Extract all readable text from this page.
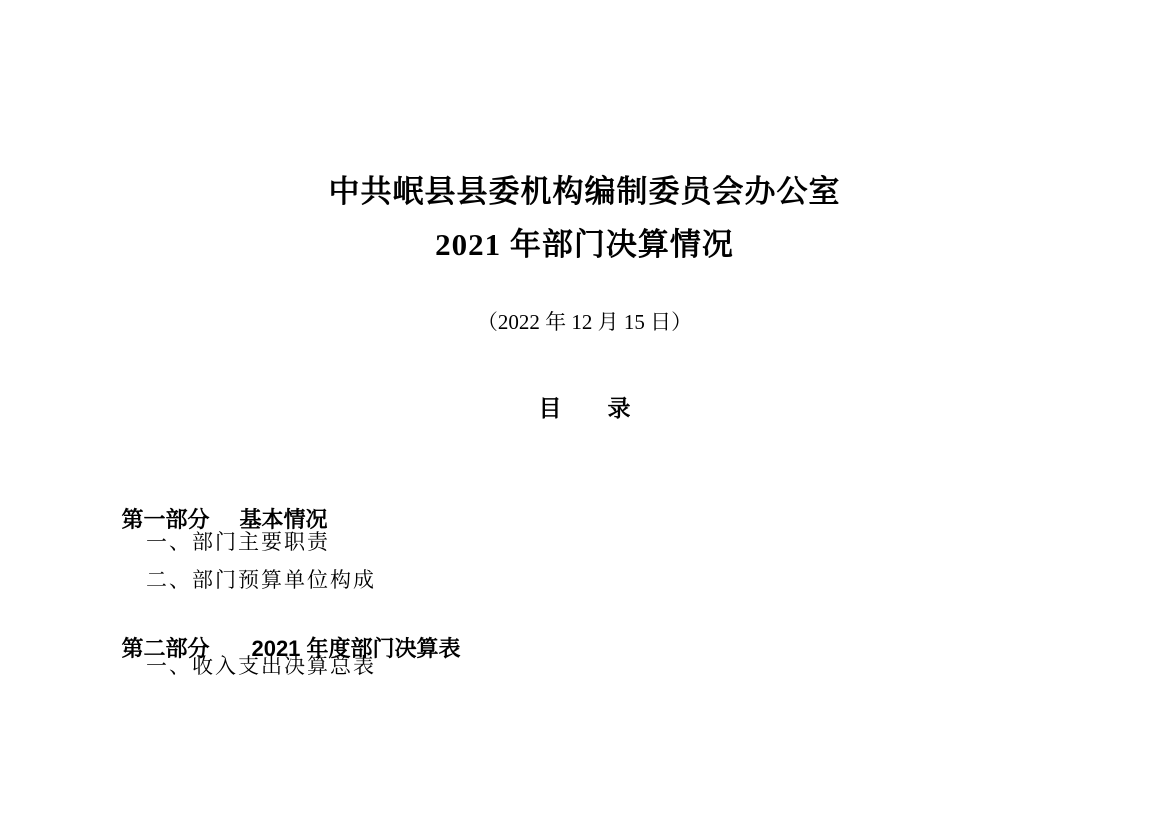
中共岷县县委机构编制委员会办公室
2021 年部门决算情况
（2022 年 12 月 15 日）
目　　录

第一部分 基本情况

一、部门主要职责
二、部门预算单位构成

第二部分 2021 年度部门决算表

一、收入支出决算总表
